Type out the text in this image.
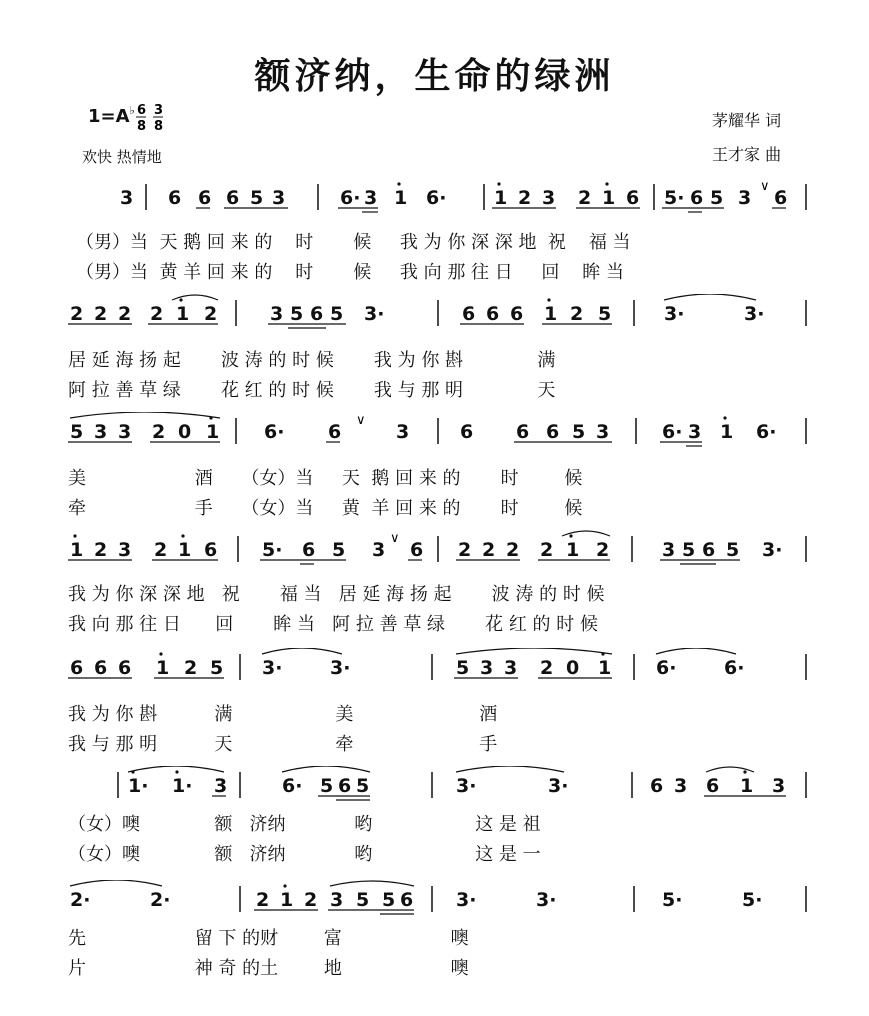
额济纳，生命的绿洲
1=A♭ 6
8
3
8
欢快 热情地
茅耀华 词
王才家 曲
3 6 6 6 5 3	6· 3 1 6·	1 2 3 2 1 6 5· 6 5 3 6
∨
（男）当  天 鹅 回 来 的    时       候     我 为 你 深 深 地  祝    福 当
（男）当  黄 羊 回 来 的    时       候     我 向 那 往 日     回    眸 当
2 2 2 2 1 2	3 5 6 5 3·	6 6 6 1 2 5	3·	3·
居 延 海 扬 起       波 涛 的 时 候       我 为 你 斟             满
阿 拉 善 草 绿       花 红 的 时 候       我 与 那 明             天
5 3 3 2 0 1 6· 6	3	6 6 6 5 3	6· 3 1 6·
∨
美                   酒     （女）当     天  鹅 回 来 的       时        候
牵                   手     （女）当     黄  羊 回 来 的       时        候
1 2 3 2 1 6 5· 6 5 3 6 2 2 2 2 1 2	3 5 6 5 3·
∨
我 为 你 深 深 地   祝       福 当   居 延 海 扬 起       波 涛 的 时 候
我 向 那 往 日      回       眸 当   阿 拉 善 草 绿       花 红 的 时 候
6 6 6 1 2 5 3·	3·	5 3 3 2 0 1 6·	6·
我 为 你 斟          满                  美                      酒
我 与 那 明          天                  牵                      手
1· 1· 3	6· 5 6 5	3·	3·	6 3 6 1 3
（女）噢             额   济纳            哟                  这 是 祖
（女）噢             额   济纳            哟                  这 是 一
2·	2·	2 1 2 3 5 5 6 3·	3·	5·	5·
先                   留 下 的财        富                   噢
片                   神 奇 的土        地                   噢
